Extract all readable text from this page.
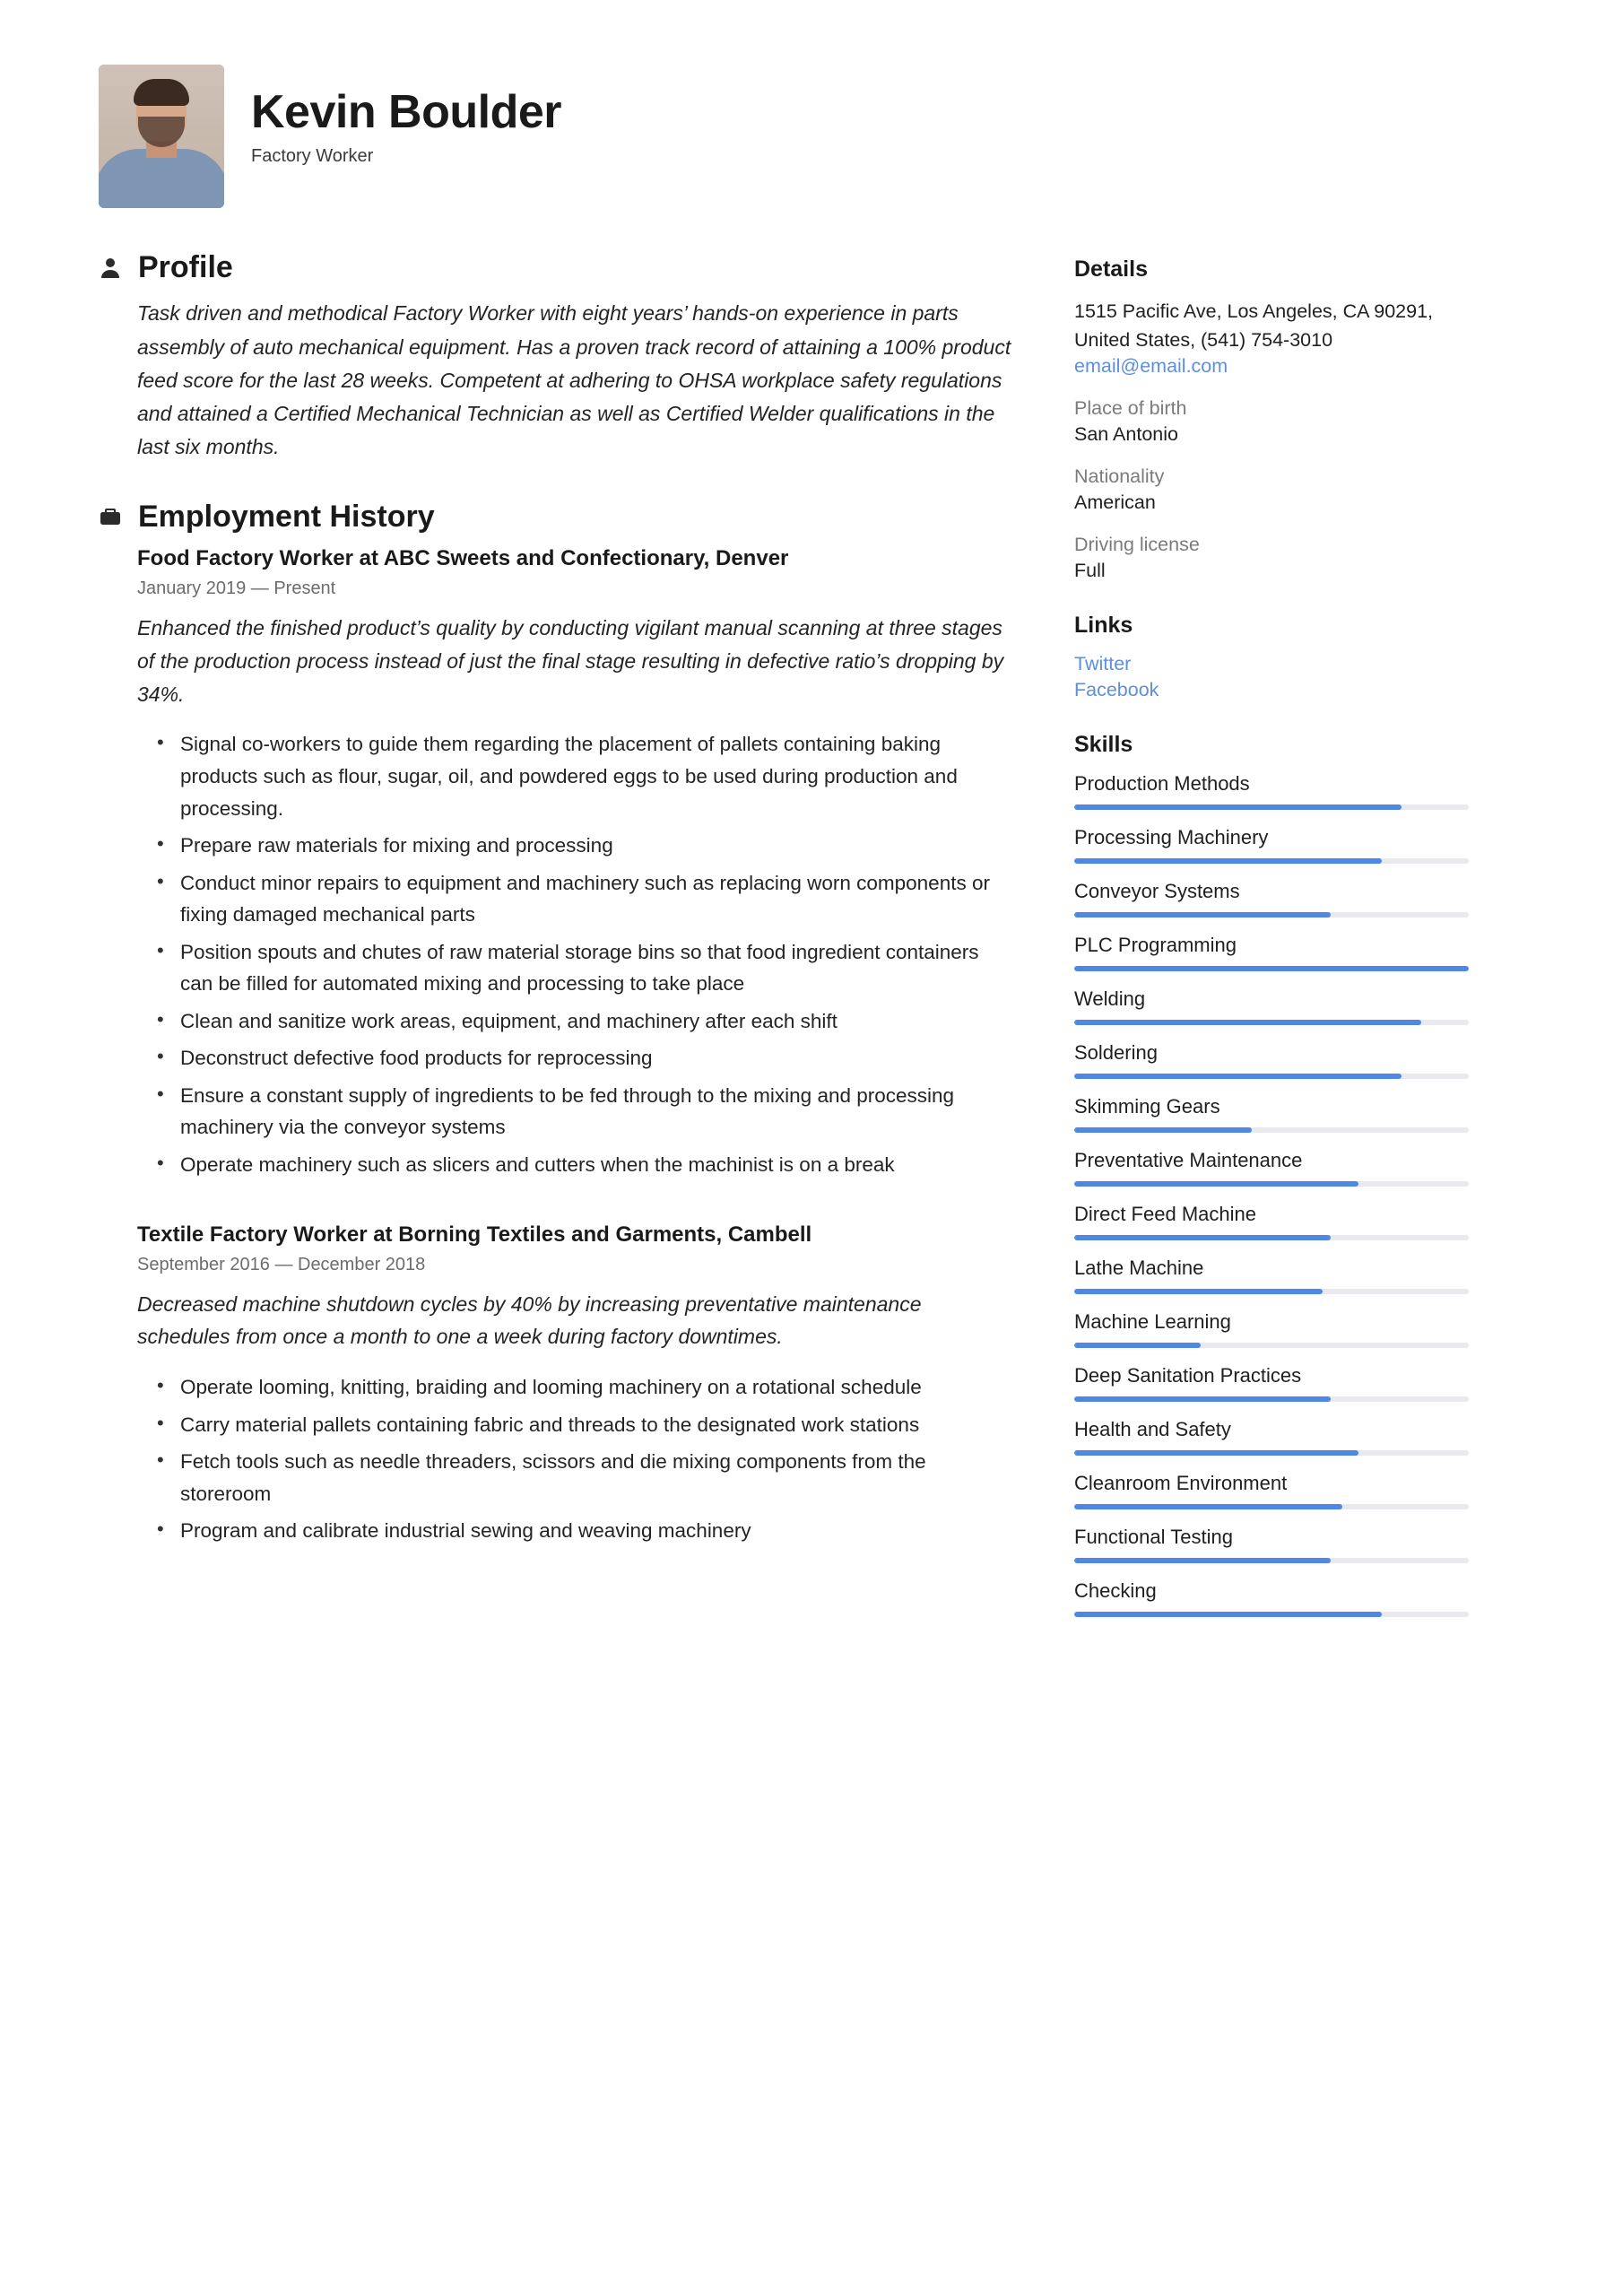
Kevin Boulder

Factory Worker

Profile

Task driven and methodical Factory Worker with eight years’ hands-on experience in parts assembly of auto mechanical equipment. Has a proven track record of attaining a 100% product feed score for the last 28 weeks. Competent at adhering to OHSA workplace safety regulations and attained a Certified Mechanical Technician as well as Certified Welder qualifications in the last six months.

Employment History
Food Factory Worker at ABC Sweets and Confectionary, Denver
January 2019 — Present
Enhanced the finished product’s quality by conducting vigilant manual scanning at three stages of the production process instead of just the final stage resulting in defective ratio’s dropping by 34%.
• Signal co-workers to guide them regarding the placement of pallets containing baking products such as flour, sugar, oil, and powdered eggs to be used during production and processing.
• Prepare raw materials for mixing and processing
• Conduct minor repairs to equipment and machinery such as replacing worn components or fixing damaged mechanical parts
• Position spouts and chutes of raw material storage bins so that food ingredient containers can be filled for automated mixing and processing to take place
• Clean and sanitize work areas, equipment, and machinery after each shift
• Deconstruct defective food products for reprocessing
• Ensure a constant supply of ingredients to be fed through to the mixing and processing machinery via the conveyor systems
• Operate machinery such as slicers and cutters when the machinist is on a break
Textile Factory Worker at Borning Textiles and Garments, Cambell
September 2016 — December 2018
Decreased machine shutdown cycles by 40% by increasing preventative maintenance schedules from once a month to one a week during factory downtimes.
• Operate looming, knitting, braiding and looming machinery on a rotational schedule
• Carry material pallets containing fabric and threads to the designated work stations
• Fetch tools such as needle threaders, scissors and die mixing components from the storeroom
• Program and calibrate industrial sewing and weaving machinery
Details
1515 Pacific Ave, Los Angeles, CA 90291, United States, (541) 754-3010
email@email.com
Place of birth
San Antonio
Nationality
American
Driving license
Full
Links
Twitter
Facebook
Skills
Production Methods
Processing Machinery
Conveyor Systems
PLC Programming
Welding
Soldering
Skimming Gears
Preventative Maintenance
Direct Feed Machine
Lathe Machine
Machine Learning
Deep Sanitation Practices
Health and Safety
Cleanroom Environment
Functional Testing
Checking
